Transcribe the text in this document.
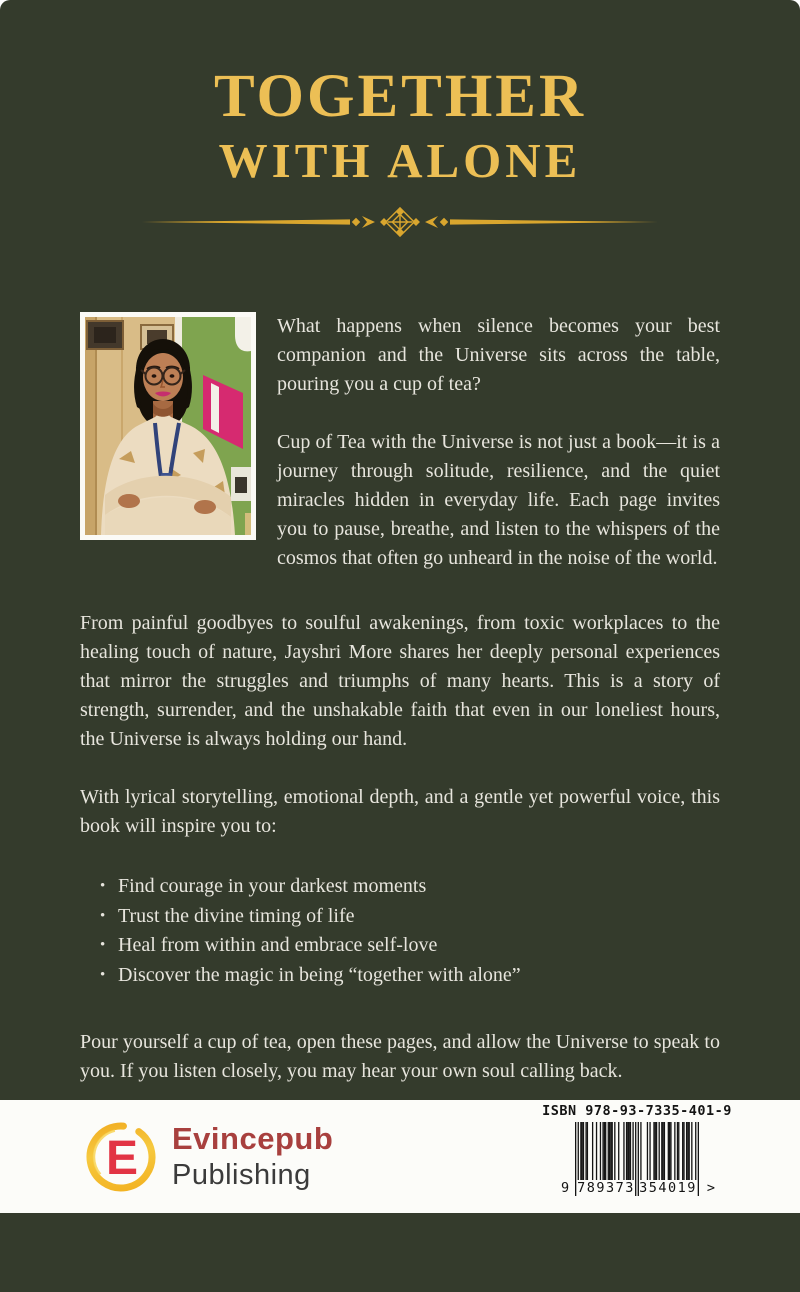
TOGETHER
WITH ALONE

What happens when silence becomes your best companion and the Universe sits across the table, pouring you a cup of tea?

Cup of Tea with the Universe is not just a book—it is a journey through solitude, resilience, and the quiet miracles hidden in everyday life. Each page invites you to pause, breathe, and listen to the whispers of the cosmos that often go unheard in the noise of the world.

From painful goodbyes to soulful awakenings, from toxic workplaces to the healing touch of nature, Jayshri More shares her deeply personal experiences that mirror the struggles and triumphs of many hearts. This is a story of strength, surrender, and the unshakable faith that even in our loneliest hours, the Universe is always holding our hand.

With lyrical storytelling, emotional depth, and a gentle yet powerful voice, this book will inspire you to:

• Find courage in your darkest moments
• Trust the divine timing of life
• Heal from within and embrace self-love
• Discover the magic in being “together with alone”

Pour yourself a cup of tea, open these pages, and allow the Universe to speak to you. If you listen closely, you may hear your own soul calling back.

E Evincepub

Publishing

ISBN 978-93-7335-401-9
9 789373 354019 >
